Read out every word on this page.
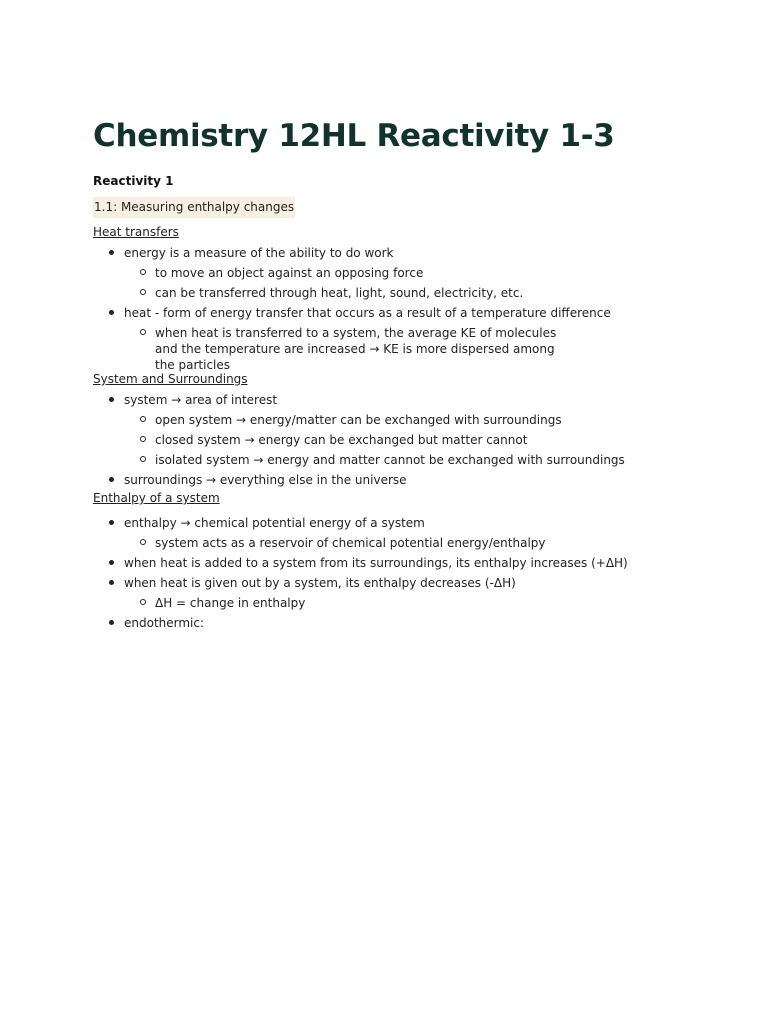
Chemistry 12HL Reactivity 1-3
Reactivity 1
1.1: Measuring enthalpy changes
Heat transfers
energy is a measure of the ability to do work
to move an object against an opposing force
can be transferred through heat, light, sound, electricity, etc.
heat - form of energy transfer that occurs as a result of a temperature difference
when heat is transferred to a system, the average KE of molecules and the temperature are increased → KE is more dispersed among the particles
System and Surroundings
system → area of interest
open system → energy/matter can be exchanged with surroundings
closed system → energy can be exchanged but matter cannot
isolated system → energy and matter cannot be exchanged with surroundings
surroundings → everything else in the universe
Enthalpy of a system
enthalpy → chemical potential energy of a system
system acts as a reservoir of chemical potential energy/enthalpy
when heat is added to a system from its surroundings, its enthalpy increases (+ΔH)
when heat is given out by a system, its enthalpy decreases (-ΔH)
ΔH = change in enthalpy
endothermic:
